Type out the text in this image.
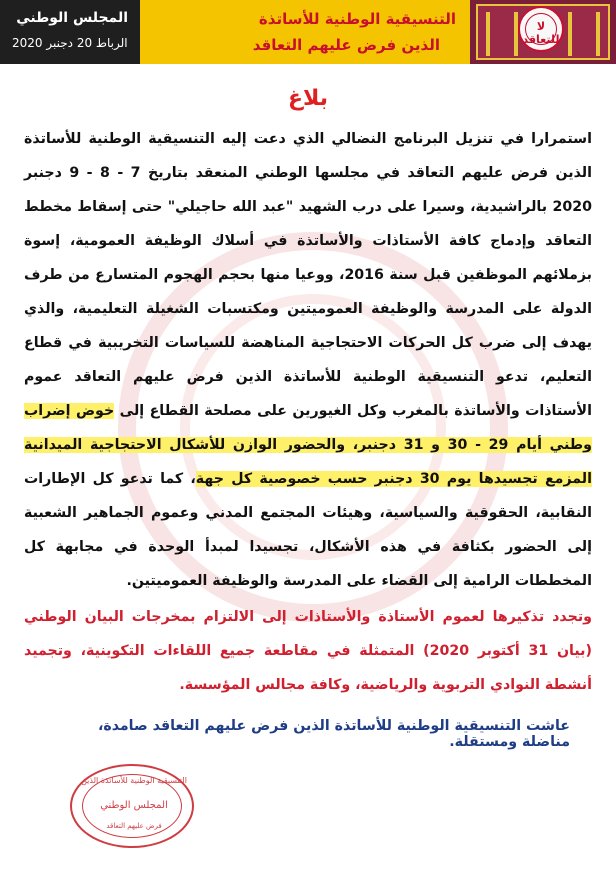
المجلس الوطني
الرباط 20 دجنبر 2020
التنسيقية الوطنية للأساتذة
الذين فرض عليهم التعاقد
لا للتعاقد
بلاغ

استمرارا في تنزيل البرنامج النضالي الذي دعت إليه التنسيقية الوطنية للأساتذة الذين فرض عليهم التعاقد في مجلسها الوطني المنعقد بتاريخ 7 - 8 - 9 دجنبر 2020 بالراشيدية، وسيرا على درب الشهيد "عبد الله حاجيلي" حتى إسقاط مخطط التعاقد وإدماج كافة الأستاذات والأساتذة في أسلاك الوظيفة العمومية، إسوة بزملائهم الموظفين قبل سنة 2016، ووعيا منها بحجم الهجوم المتسارع من طرف الدولة على المدرسة والوظيفة العموميتين ومكتسبات الشغيلة التعليمية، والذي يهدف إلى ضرب كل الحركات الاحتجاجية المناهضة للسياسات التخريبية في قطاع التعليم، تدعو التنسيقية الوطنية للأساتذة الذين فرض عليهم التعاقد عموم الأستاذات والأساتذة بالمغرب وكل الغيورين على مصلحة القطاع إلى خوض إضراب وطني أيام 29 - 30 و 31 دجنبر، والحضور الوازن للأشكال الاحتجاجية الميدانية المزمع تجسيدها يوم 30 دجنبر حسب خصوصية كل جهة، كما تدعو كل الإطارات النقابية، الحقوقية والسياسية، وهيئات المجتمع المدني وعموم الجماهير الشعبية إلى الحضور بكثافة في هذه الأشكال، تجسيدا لمبدأ الوحدة في مجابهة كل المخططات الرامية إلى القضاء على المدرسة والوظيفة العموميتين.

وتجدد تذكيرها لعموم الأستاذة والأستاذات إلى الالتزام بمخرجات البيان الوطني (بيان 31 أكتوبر 2020) المتمثلة في مقاطعة جميع اللقاءات التكوينية، وتجميد أنشطة النوادي التربوية والرياضية، وكافة مجالس المؤسسة.

عاشت التنسيقية الوطنية للأساتذة الذين فرض عليهم التعاقد صامدة، مناضلة ومستقلة.
التنسيقية الوطنية للأساتذة الذين
المجلس الوطني
فرض عليهم التعاقد
